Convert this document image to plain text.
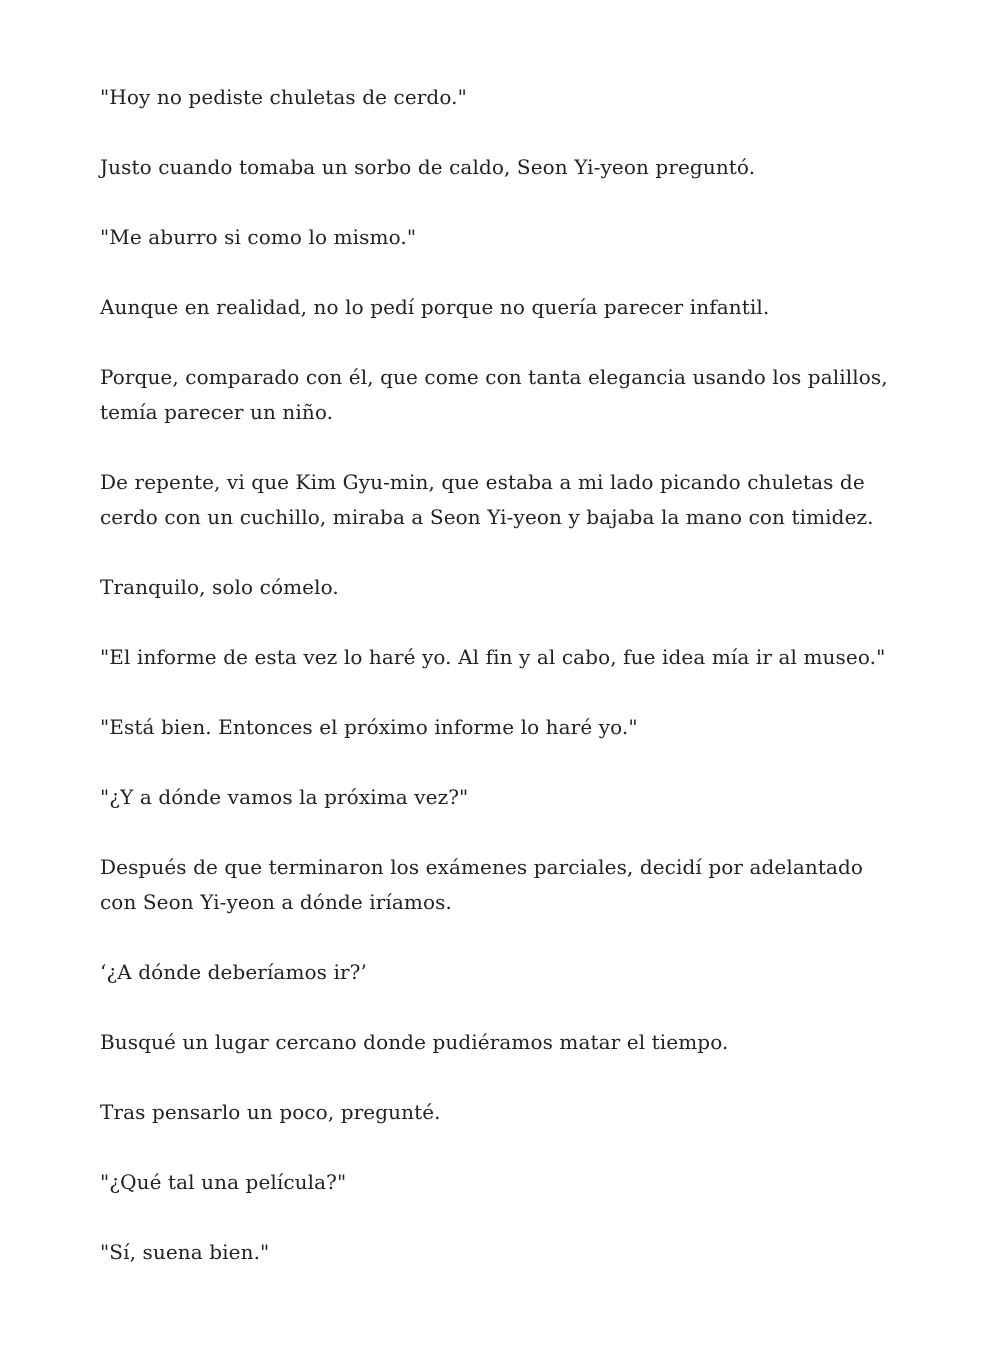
"Hoy no pediste chuletas de cerdo."

Justo cuando tomaba un sorbo de caldo, Seon Yi-yeon preguntó.

"Me aburro si como lo mismo."

Aunque en realidad, no lo pedí porque no quería parecer infantil.

Porque, comparado con él, que come con tanta elegancia usando los palillos, temía parecer un niño.

De repente, vi que Kim Gyu-min, que estaba a mi lado picando chuletas de cerdo con un cuchillo, miraba a Seon Yi-yeon y bajaba la mano con timidez.

Tranquilo, solo cómelo.

"El informe de esta vez lo haré yo. Al fin y al cabo, fue idea mía ir al museo."

"Está bien. Entonces el próximo informe lo haré yo."

"¿Y a dónde vamos la próxima vez?"

Después de que terminaron los exámenes parciales, decidí por adelantado con Seon Yi-yeon a dónde iríamos.

‘¿A dónde deberíamos ir?’

Busqué un lugar cercano donde pudiéramos matar el tiempo.

Tras pensarlo un poco, pregunté.

"¿Qué tal una película?"

"Sí, suena bien."
